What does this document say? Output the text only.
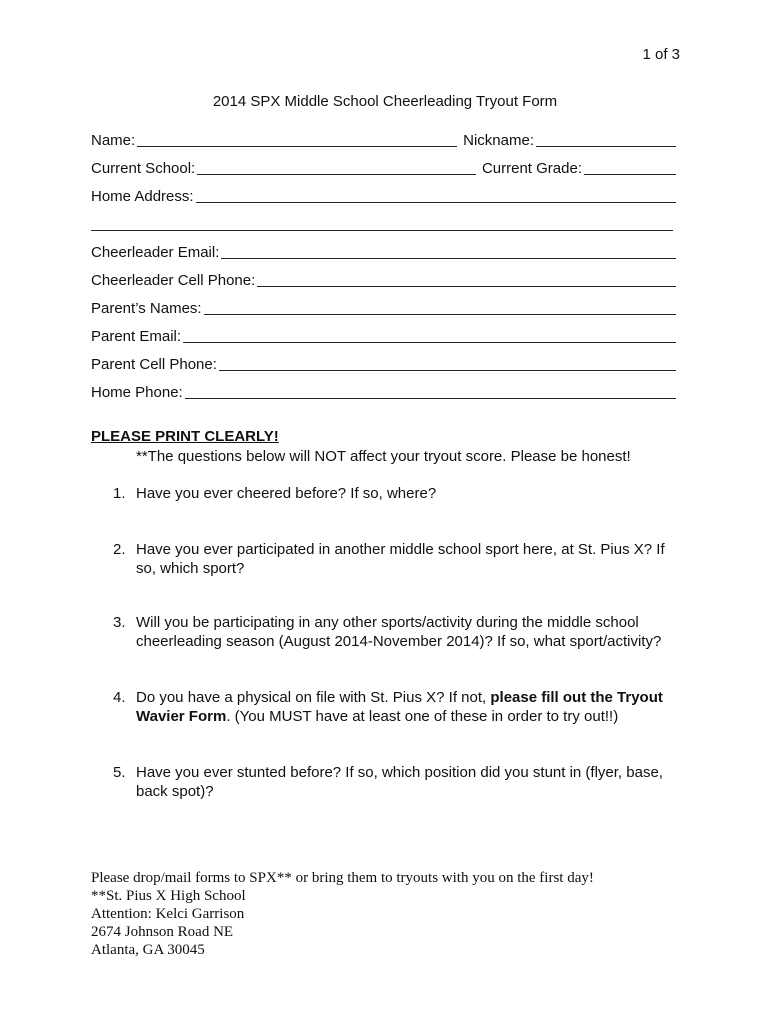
1 of 3
2014 SPX Middle School Cheerleading Tryout Form
Name:	Nickname:
Current School:	Current Grade:
Home Address:
Cheerleader Email:
Cheerleader Cell Phone:
Parent’s Names:
Parent Email:
Parent Cell Phone:
Home Phone:
PLEASE PRINT CLEARLY!
**The questions below will NOT affect your tryout score. Please be honest!
1. Have you ever cheered before? If so, where?
2. Have you ever participated in another middle school sport here, at St. Pius X? If so, which sport?
3. Will you be participating in any other sports/activity during the middle school cheerleading season (August 2014-November 2014)? If so, what sport/activity?
4. Do you have a physical on file with St. Pius X? If not, please fill out the Tryout Wavier Form. (You MUST have at least one of these in order to try out!!)
5. Have you ever stunted before? If so, which position did you stunt in (flyer, base, back spot)?
Please drop/mail forms to SPX** or bring them to tryouts with you on the first day!
**St. Pius X High School
Attention: Kelci Garrison
2674 Johnson Road NE
Atlanta, GA 30045
